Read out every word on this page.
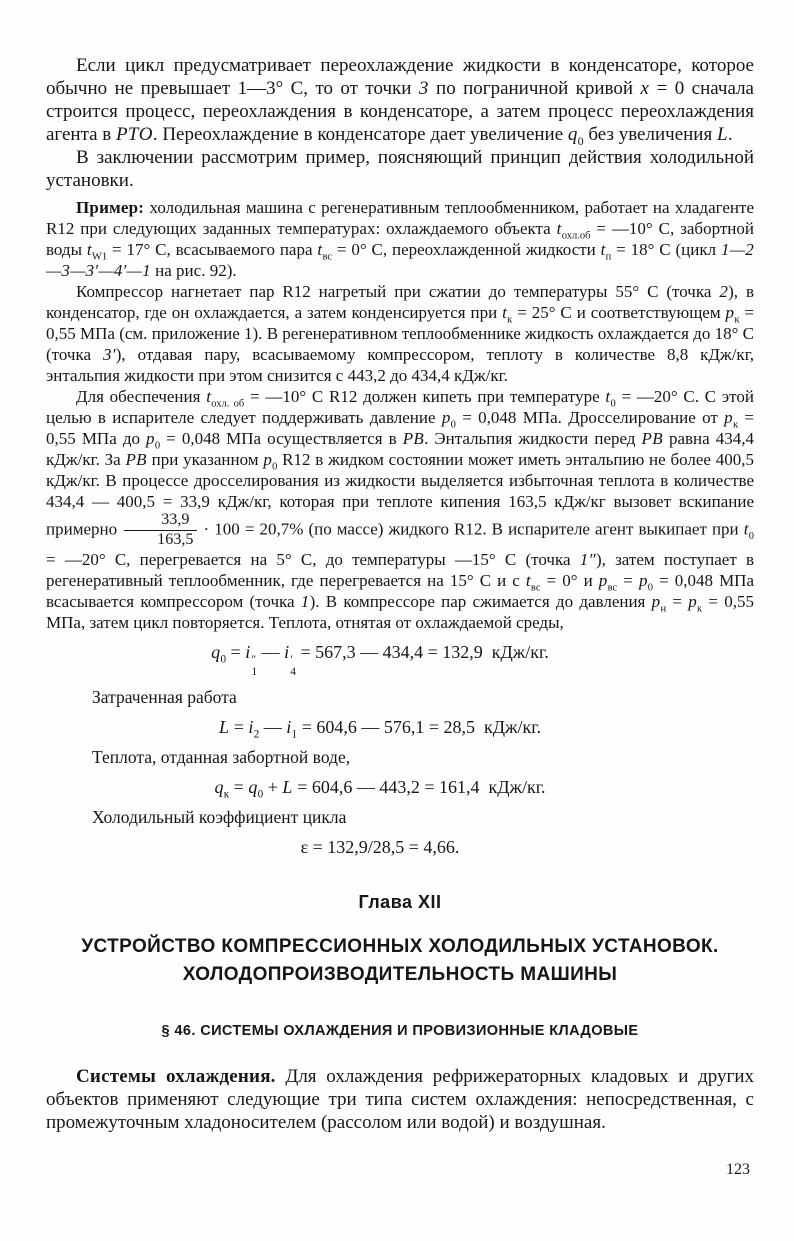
Если цикл предусматривает переохлаждение жидкости в конденсаторе, которое обычно не превышает 1—3° С, то от точки 3 по пограничной кривой x = 0 сначала строится процесс, переохлаждения в конденсаторе, а затем процесс переохлаждения агента в РТО. Переохлаждение в конденсаторе дает увеличение $q_0$ без увеличения L.

В заключении рассмотрим пример, поясняющий принцип действия холодильной установки.

Пример: холодильная машина с регенеративным теплообменником, работает на хладагенте R12 при следующих заданных температурах: охлаждаемого объекта $t_{охл.об}$ = —10° С, забортной воды $t_{W1} = 17^\circ$ С, всасываемого пара $t_{вс} = 0^\circ$ С, переохлажденной жидкости $t_п = 18^\circ$ С (цикл 1—2—3—3′—4′—1 на рис. 92).

Компрессор нагнетает пар R12 нагретый при сжатии до температуры 55° С (точка 2), в конденсатор, где он охлаждается, а затем конденсируется при $t_к = 25^\circ$ С и соответствующем $p_к = 0,55$ МПа (см. приложение 1). В регенеративном теплообменнике жидкость охлаждается до 18° С (точка 3′), отдавая пару, всасываемому компрессором, теплоту в количестве 8,8 кДж/кг, энтальпия жидкости при этом снизится с 443,2 до 434,4 кДж/кг.

Для обеспечения $t_{охл. об}$ = —10° С R12 должен кипеть при температуре $t_0$ = —20° С. С этой целью в испарителе следует поддерживать давление $p_0 = 0,048$ МПа. Дросселирование от $p_к = 0,55$ МПа до $p_0 = 0,048$ МПа осуществляется в РВ. Энтальпия жидкости перед РВ равна 434,4 кДж/кг. За РВ при указанном $p_0$ R12 в жидком состоянии может иметь энтальпию не более 400,5 кДж/кг. В процессе дросселирования из жидкости выделяется избыточная теплота в количестве 434,4 — 400,5 = 33,9 кДж/кг, которая при теплоте кипения 163,5 кДж/кг вызовет вскипание примерно $\frac{33,9}{163,5} \cdot 100 = 20,7\%$ (по массе) жидкого R12. В испарителе агент выкипает при $t_0$ = —20° С, перегревается на 5° С, до температуры —15° С (точка 1″), затем поступает в регенеративный теплообменник, где перегревается на 15° С и с $t_{вс} = 0^\circ$ и $p_{вс} = p_0 = 0,048$ МПа всасывается компрессором (точка 1). В компрессоре пар сжимается до давления $p_н = p_к = 0,55$ МПа, затем цикл повторяется. Теплота, отнятая от охлаждаемой среды,

$q_0 = i$ ″
1
— i ′
4
= 567,3 — 434,4 = 132,9  кДж/кг.
Затраченная работа
$L = i_2$ — $i_1 = 604,6$ — 576,1 = 28,5  кДж/кг.
Теплота, отданная забортной воде,
$q_к = q_0 + L = 604,6$ — 443,2 = 161,4  кДж/кг.
Холодильный коэффициент цикла
ε = 132,9/28,5 = 4,66.
Глава XII
УСТРОЙСТВО КОМПРЕССИОННЫХ ХОЛОДИЛЬНЫХ УСТАНОВОК. ХОЛОДОПРОИЗВОДИТЕЛЬНОСТЬ МАШИНЫ
§ 46. СИСТЕМЫ ОХЛАЖДЕНИЯ И ПРОВИЗИОННЫЕ КЛАДОВЫЕ

Системы охлаждения. Для охлаждения рефрижераторных кладовых и других объектов применяют следующие три типа систем охлаждения: непосредственная, с промежуточным хладоносителем (рассолом или водой) и воздушная.

123
